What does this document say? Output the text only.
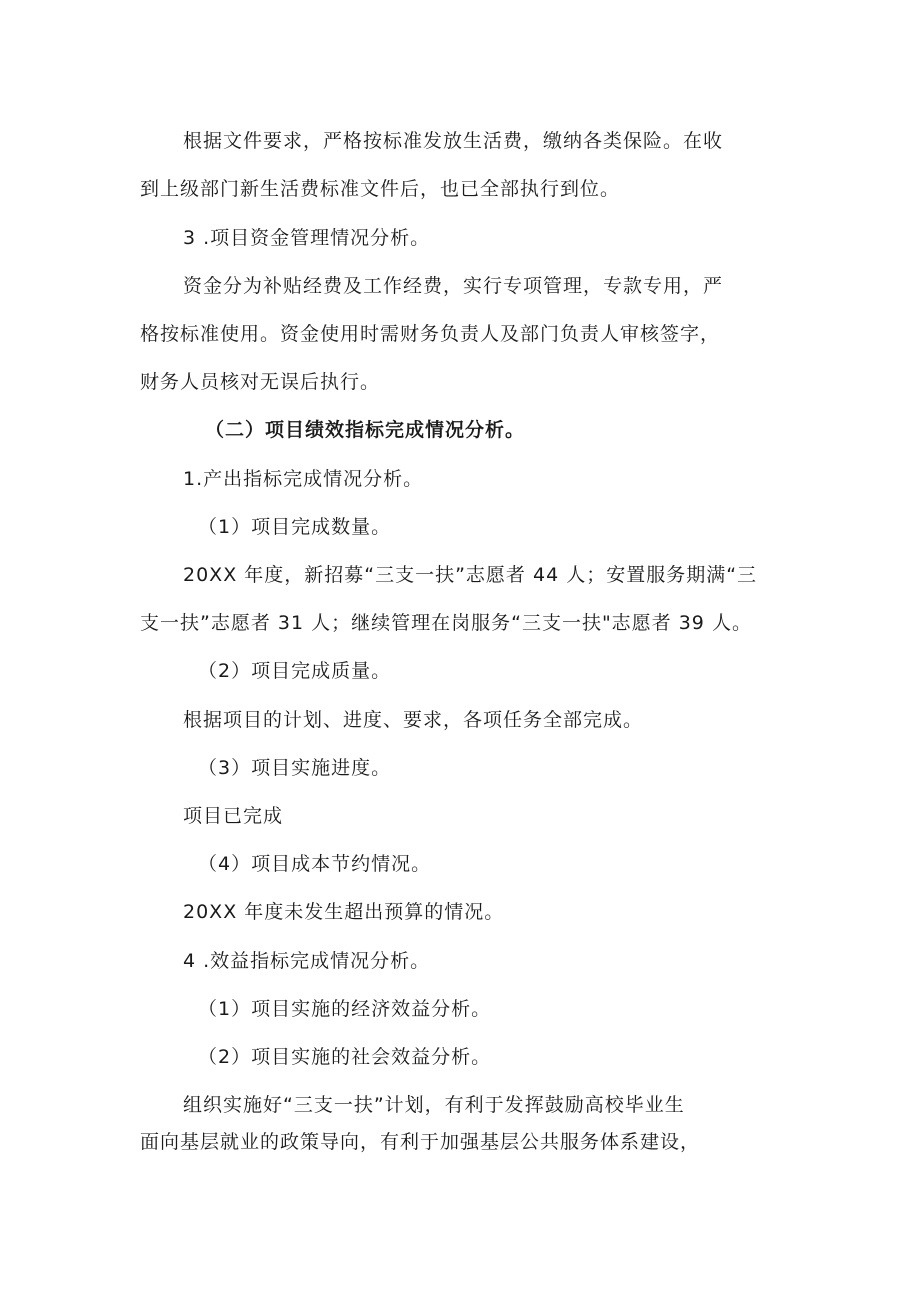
根据文件要求，严格按标准发放生活费，缴纳各类保险。在收
到上级部门新生活费标准文件后，也已全部执行到位。
3 .项目资金管理情况分析。
资金分为补贴经费及工作经费，实行专项管理，专款专用，严
格按标准使用。资金使用时需财务负责人及部门负责人审核签字，
财务人员核对无误后执行。
（二）项目绩效指标完成情况分析。
1.产出指标完成情况分析。
（1）项目完成数量。
20XX 年度，新招募“三支一扶”志愿者 44 人；安置服务期满“三
支一扶”志愿者 31 人；继续管理在岗服务“三支一扶"志愿者 39 人。
（2）项目完成质量。
根据项目的计划、进度、要求，各项任务全部完成。
（3）项目实施进度。
项目已完成
（4）项目成本节约情况。
20XX 年度未发生超出预算的情况。
4 .效益指标完成情况分析。
（1）项目实施的经济效益分析。
（2）项目实施的社会效益分析。
组织实施好“三支一扶”计划，有利于发挥鼓励高校毕业生
面向基层就业的政策导向，有利于加强基层公共服务体系建设，
